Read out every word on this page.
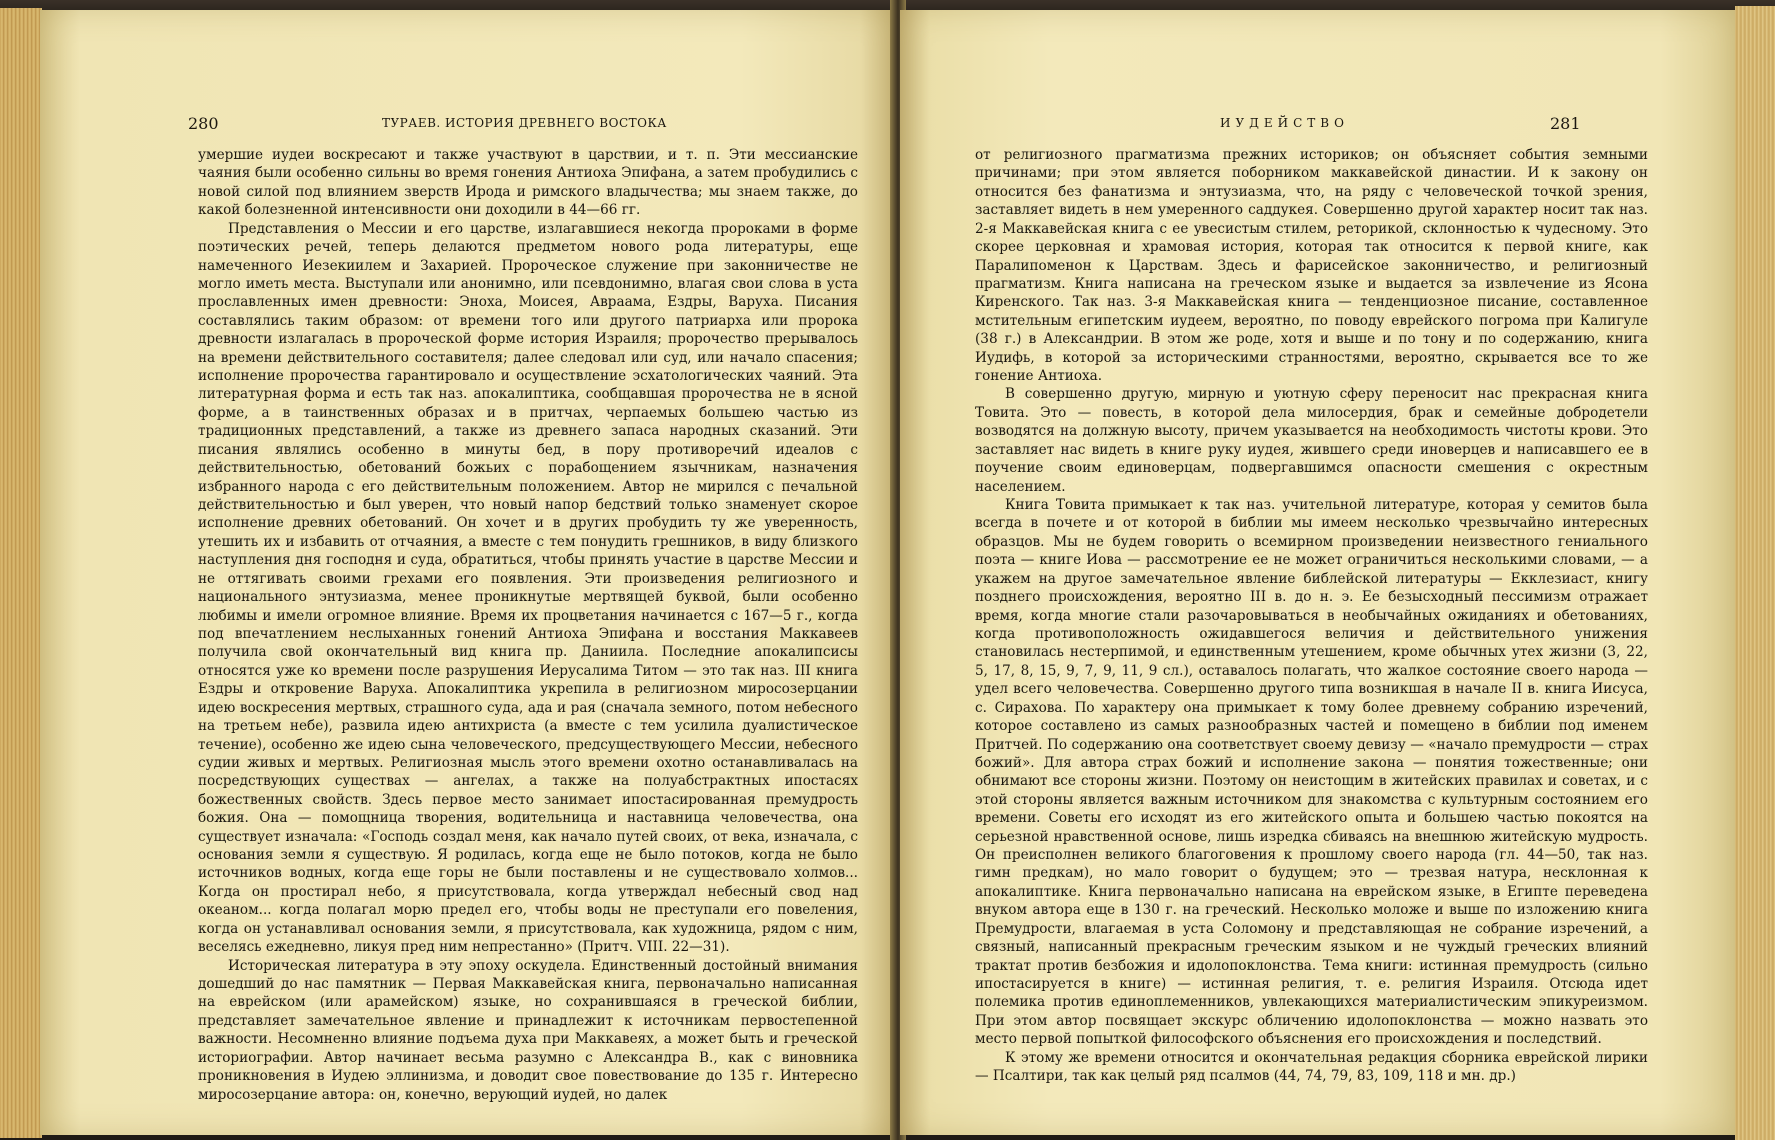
280	ТУРАЕВ. ИСТОРИЯ ДРЕВНЕГО ВОСТОКА

умершие иудеи воскресают и также участвуют в царствии, и т. п. Эти мессианские чаяния были особенно сильны во время гонения Антиоха Эпифана, а затем пробудились с новой силой под влиянием зверств Ирода и римского владычества; мы знаем также, до какой болезненной интенсивности они доходили в 44—66 гг.

Представления о Мессии и его царстве, излагавшиеся некогда пророками в форме поэтических речей, теперь делаются предметом нового рода литературы, еще намеченного Иезекиилем и Захарией. Пророческое служение при законничестве не могло иметь места. Выступали или анонимно, или псевдонимно, влагая свои слова в уста прославленных имен древности: Эноха, Моисея, Авраама, Ездры, Варуха. Писания составлялись таким образом: от времени того или другого патриарха или пророка древности излагалась в пророческой форме история Израиля; пророчество прерывалось на времени действительного составителя; далее следовал или суд, или начало спасения; исполнение пророчества гарантировало и осуществление эсхатологических чаяний. Эта литературная форма и есть так наз. апокалиптика, сообщавшая пророчества не в ясной форме, а в таинственных образах и в притчах, черпаемых большею частью из традиционных представлений, а также из древнего запаса народных сказаний. Эти писания являлись особенно в минуты бед, в пору противоречий идеалов с действительностью, обетований божьих с порабощением язычникам, назначения избранного народа с его действительным положением. Автор не мирился с печальной действительностью и был уверен, что новый напор бедствий только знаменует скорое исполнение древних обетований. Он хочет и в других пробудить ту же уверенность, утешить их и избавить от отчаяния, а вместе с тем понудить грешников, в виду близкого наступления дня господня и суда, обратиться, чтобы принять участие в царстве Мессии и не оттягивать своими грехами его появления. Эти произведения религиозного и национального энтузиазма, менее проникнутые мертвящей буквой, были особенно любимы и имели огромное влияние. Время их процветания начинается с 167—5 г., когда под впечатлением неслыханных гонений Антиоха Эпифана и восстания Маккавеев получила свой окончательный вид книга пр. Даниила. Последние апокалипсисы относятся уже ко времени после разрушения Иерусалима Титом — это так наз. III книга Ездры и откровение Варуха. Апокалиптика укрепила в религиозном миросозерцании идею воскресения мертвых, страшного суда, ада и рая (сначала земного, потом небесного на третьем небе), развила идею антихриста (а вместе с тем усилила дуалистическое течение), особенно же идею сына человеческого, предсуществующего Мессии, небесного судии живых и мертвых. Религиозная мысль этого времени охотно останавливалась на посредствующих существах — ангелах, а также на полуабстрактных ипостасях божественных свойств. Здесь первое место занимает ипостасированная премудрость божия. Она — помощница творения, водительница и наставница человечества, она существует изначала: «Господь создал меня, как начало путей своих, от века, изначала, с основания земли я существую. Я родилась, когда еще не было потоков, когда не было источников водных, когда еще горы не были поставлены и не существовало холмов... Когда он простирал небо, я присутствовала, когда утверждал небесный свод над океаном... когда полагал морю предел его, чтобы воды не преступали его повеления, когда он устанавливал основания земли, я присутствовала, как художница, рядом с ним, веселясь ежедневно, ликуя пред ним непрестанно» (Притч. VIII. 22—31).

Историческая литература в эту эпоху оскудела. Единственный достойный внимания дошедший до нас памятник — Первая Маккавейская книга, первоначально написанная на еврейском (или арамейском) языке, но сохранившаяся в греческой библии, представляет замечательное явление и принадлежит к источникам первостепенной важности. Несомненно влияние подъема духа при Маккавеях, а может быть и греческой историографии. Автор начинает весьма разумно с Александра В., как с виновника проникновения в Иудею эллинизма, и доводит свое повествование до 135 г. Интересно миросозерцание автора: он, конечно, верующий иудей, но далек

ИУДЕЙСТВО	281

от религиозного прагматизма прежних историков; он объясняет события земными причинами; при этом является поборником маккавейской династии. И к закону он относится без фанатизма и энтузиазма, что, на ряду с человеческой точкой зрения, заставляет видеть в нем умеренного саддукея. Совершенно другой характер носит так наз. 2-я Маккавейская книга с ее увесистым стилем, реторикой, склонностью к чудесному. Это скорее церковная и храмовая история, которая так относится к первой книге, как Паралипоменон к Царствам. Здесь и фарисейское законничество, и религиозный прагматизм. Книга написана на греческом языке и выдается за извлечение из Ясона Киренского. Так наз. 3-я Маккавейская книга — тенденциозное писание, составленное мстительным египетским иудеем, вероятно, по поводу еврейского погрома при Калигуле (38 г.) в Александрии. В этом же роде, хотя и выше и по тону и по содержанию, книга Иудифь, в которой за историческими странностями, вероятно, скрывается все то же гонение Антиоха.

В совершенно другую, мирную и уютную сферу переносит нас прекрасная книга Товита. Это — повесть, в которой дела милосердия, брак и семейные добродетели возводятся на должную высоту, причем указывается на необходимость чистоты крови. Это заставляет нас видеть в книге руку иудея, жившего среди иноверцев и написавшего ее в поучение своим единоверцам, подвергавшимся опасности смешения с окрестным населением.

Книга Товита примыкает к так наз. учительной литературе, которая у семитов была всегда в почете и от которой в библии мы имеем несколько чрезвычайно интересных образцов. Мы не будем говорить о всемирном произведении неизвестного гениального поэта — книге Иова — рассмотрение ее не может ограничиться несколькими словами, — а укажем на другое замечательное явление библейской литературы — Екклезиаст, книгу позднего происхождения, вероятно III в. до н. э. Ее безысходный пессимизм отражает время, когда многие стали разочаровываться в необычайных ожиданиях и обетованиях, когда противоположность ожидавшегося величия и действительного унижения становилась нестерпимой, и единственным утешением, кроме обычных утех жизни (3, 22, 5, 17, 8, 15, 9, 7, 9, 11, 9 сл.), оставалось полагать, что жалкое состояние своего народа — удел всего человечества. Совершенно другого типа возникшая в начале II в. книга Иисуса, с. Сирахова. По характеру она примыкает к тому более древнему собранию изречений, которое составлено из самых разнообразных частей и помещено в библии под именем Притчей. По содержанию она соответствует своему девизу — «начало премудрости — страх божий». Для автора страх божий и исполнение закона — понятия тожественные; они обнимают все стороны жизни. Поэтому он неистощим в житейских правилах и советах, и с этой стороны является важным источником для знакомства с культурным состоянием его времени. Советы его исходят из его житейского опыта и большею частью покоятся на серьезной нравственной основе, лишь изредка сбиваясь на внешнюю житейскую мудрость. Он преисполнен великого благоговения к прошлому своего народа (гл. 44—50, так наз. гимн предкам), но мало говорит о будущем; это — трезвая натура, несклонная к апокалиптике. Книга первоначально написана на еврейском языке, в Египте переведена внуком автора еще в 130 г. на греческий. Несколько моложе и выше по изложению книга Премудрости, влагаемая в уста Соломону и представляющая не собрание изречений, а связный, написанный прекрасным греческим языком и не чуждый греческих влияний трактат против безбожия и идолопоклонства. Тема книги: истинная премудрость (сильно ипостасируется в книге) — истинная религия, т. е. религия Израиля. Отсюда идет полемика против единоплеменников, увлекающихся материалистическим эпикуреизмом. При этом автор посвящает экскурс обличению идолопоклонства — можно назвать это место первой попыткой философского объяснения его происхождения и последствий.

К этому же времени относится и окончательная редакция сборника еврейской лирики — Псалтири, так как целый ряд псалмов (44, 74, 79, 83, 109, 118 и мн. др.)
